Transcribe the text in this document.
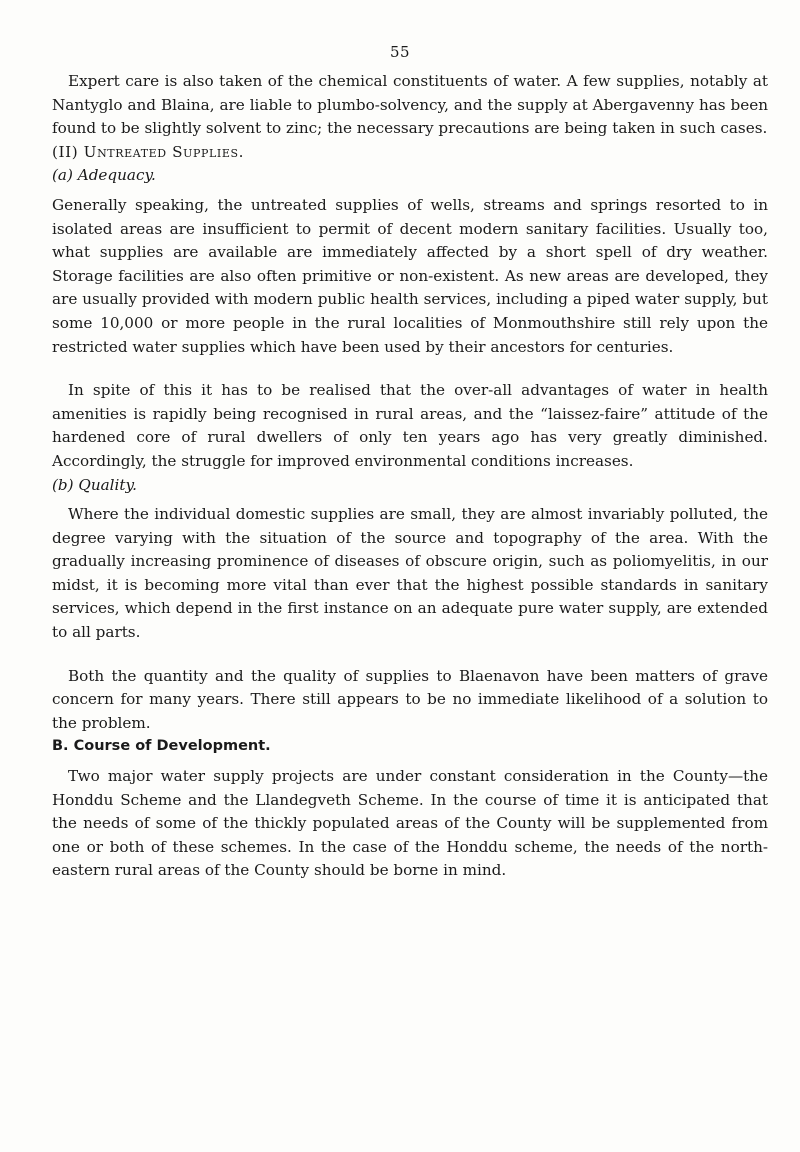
55

Expert care is also taken of the chemical constituents of water. A few supplies, notably at Nantyglo and Blaina, are liable to plumbo-solvency, and the supply at Abergavenny has been found to be slightly solvent to zinc; the necessary precautions are being taken in such cases.

(II) Untreated Supplies.

(a) Adequacy.

Generally speaking, the untreated supplies of wells, streams and springs resorted to in isolated areas are insufficient to permit of decent modern sanitary facilities. Usually too, what supplies are available are immediately affected by a short spell of dry weather. Storage facilities are also often primitive or non-existent. As new areas are developed, they are usually provided with modern public health services, including a piped water supply, but some 10,000 or more people in the rural localities of Monmouthshire still rely upon the restricted water supplies which have been used by their ancestors for centuries.

In spite of this it has to be realised that the over-all advantages of water in health amenities is rapidly being recognised in rural areas, and the “laissez-faire” attitude of the hardened core of rural dwellers of only ten years ago has very greatly diminished. Accordingly, the struggle for improved environmental conditions increases.

(b) Quality.

Where the individual domestic supplies are small, they are almost invariably polluted, the degree varying with the situation of the source and topography of the area. With the gradually increasing prominence of diseases of obscure origin, such as poliomyelitis, in our midst, it is becoming more vital than ever that the highest possible standards in sanitary services, which depend in the first instance on an adequate pure water supply, are extended to all parts.

Both the quantity and the quality of supplies to Blaenavon have been matters of grave concern for many years. There still appears to be no immediate likelihood of a solution to the problem.

B. Course of Development.

Two major water supply projects are under constant consideration in the County—the Honddu Scheme and the Llandegveth Scheme. In the course of time it is anticipated that the needs of some of the thickly populated areas of the County will be supplemented from one or both of these schemes. In the case of the Honddu scheme, the needs of the north-eastern rural areas of the County should be borne in mind.
